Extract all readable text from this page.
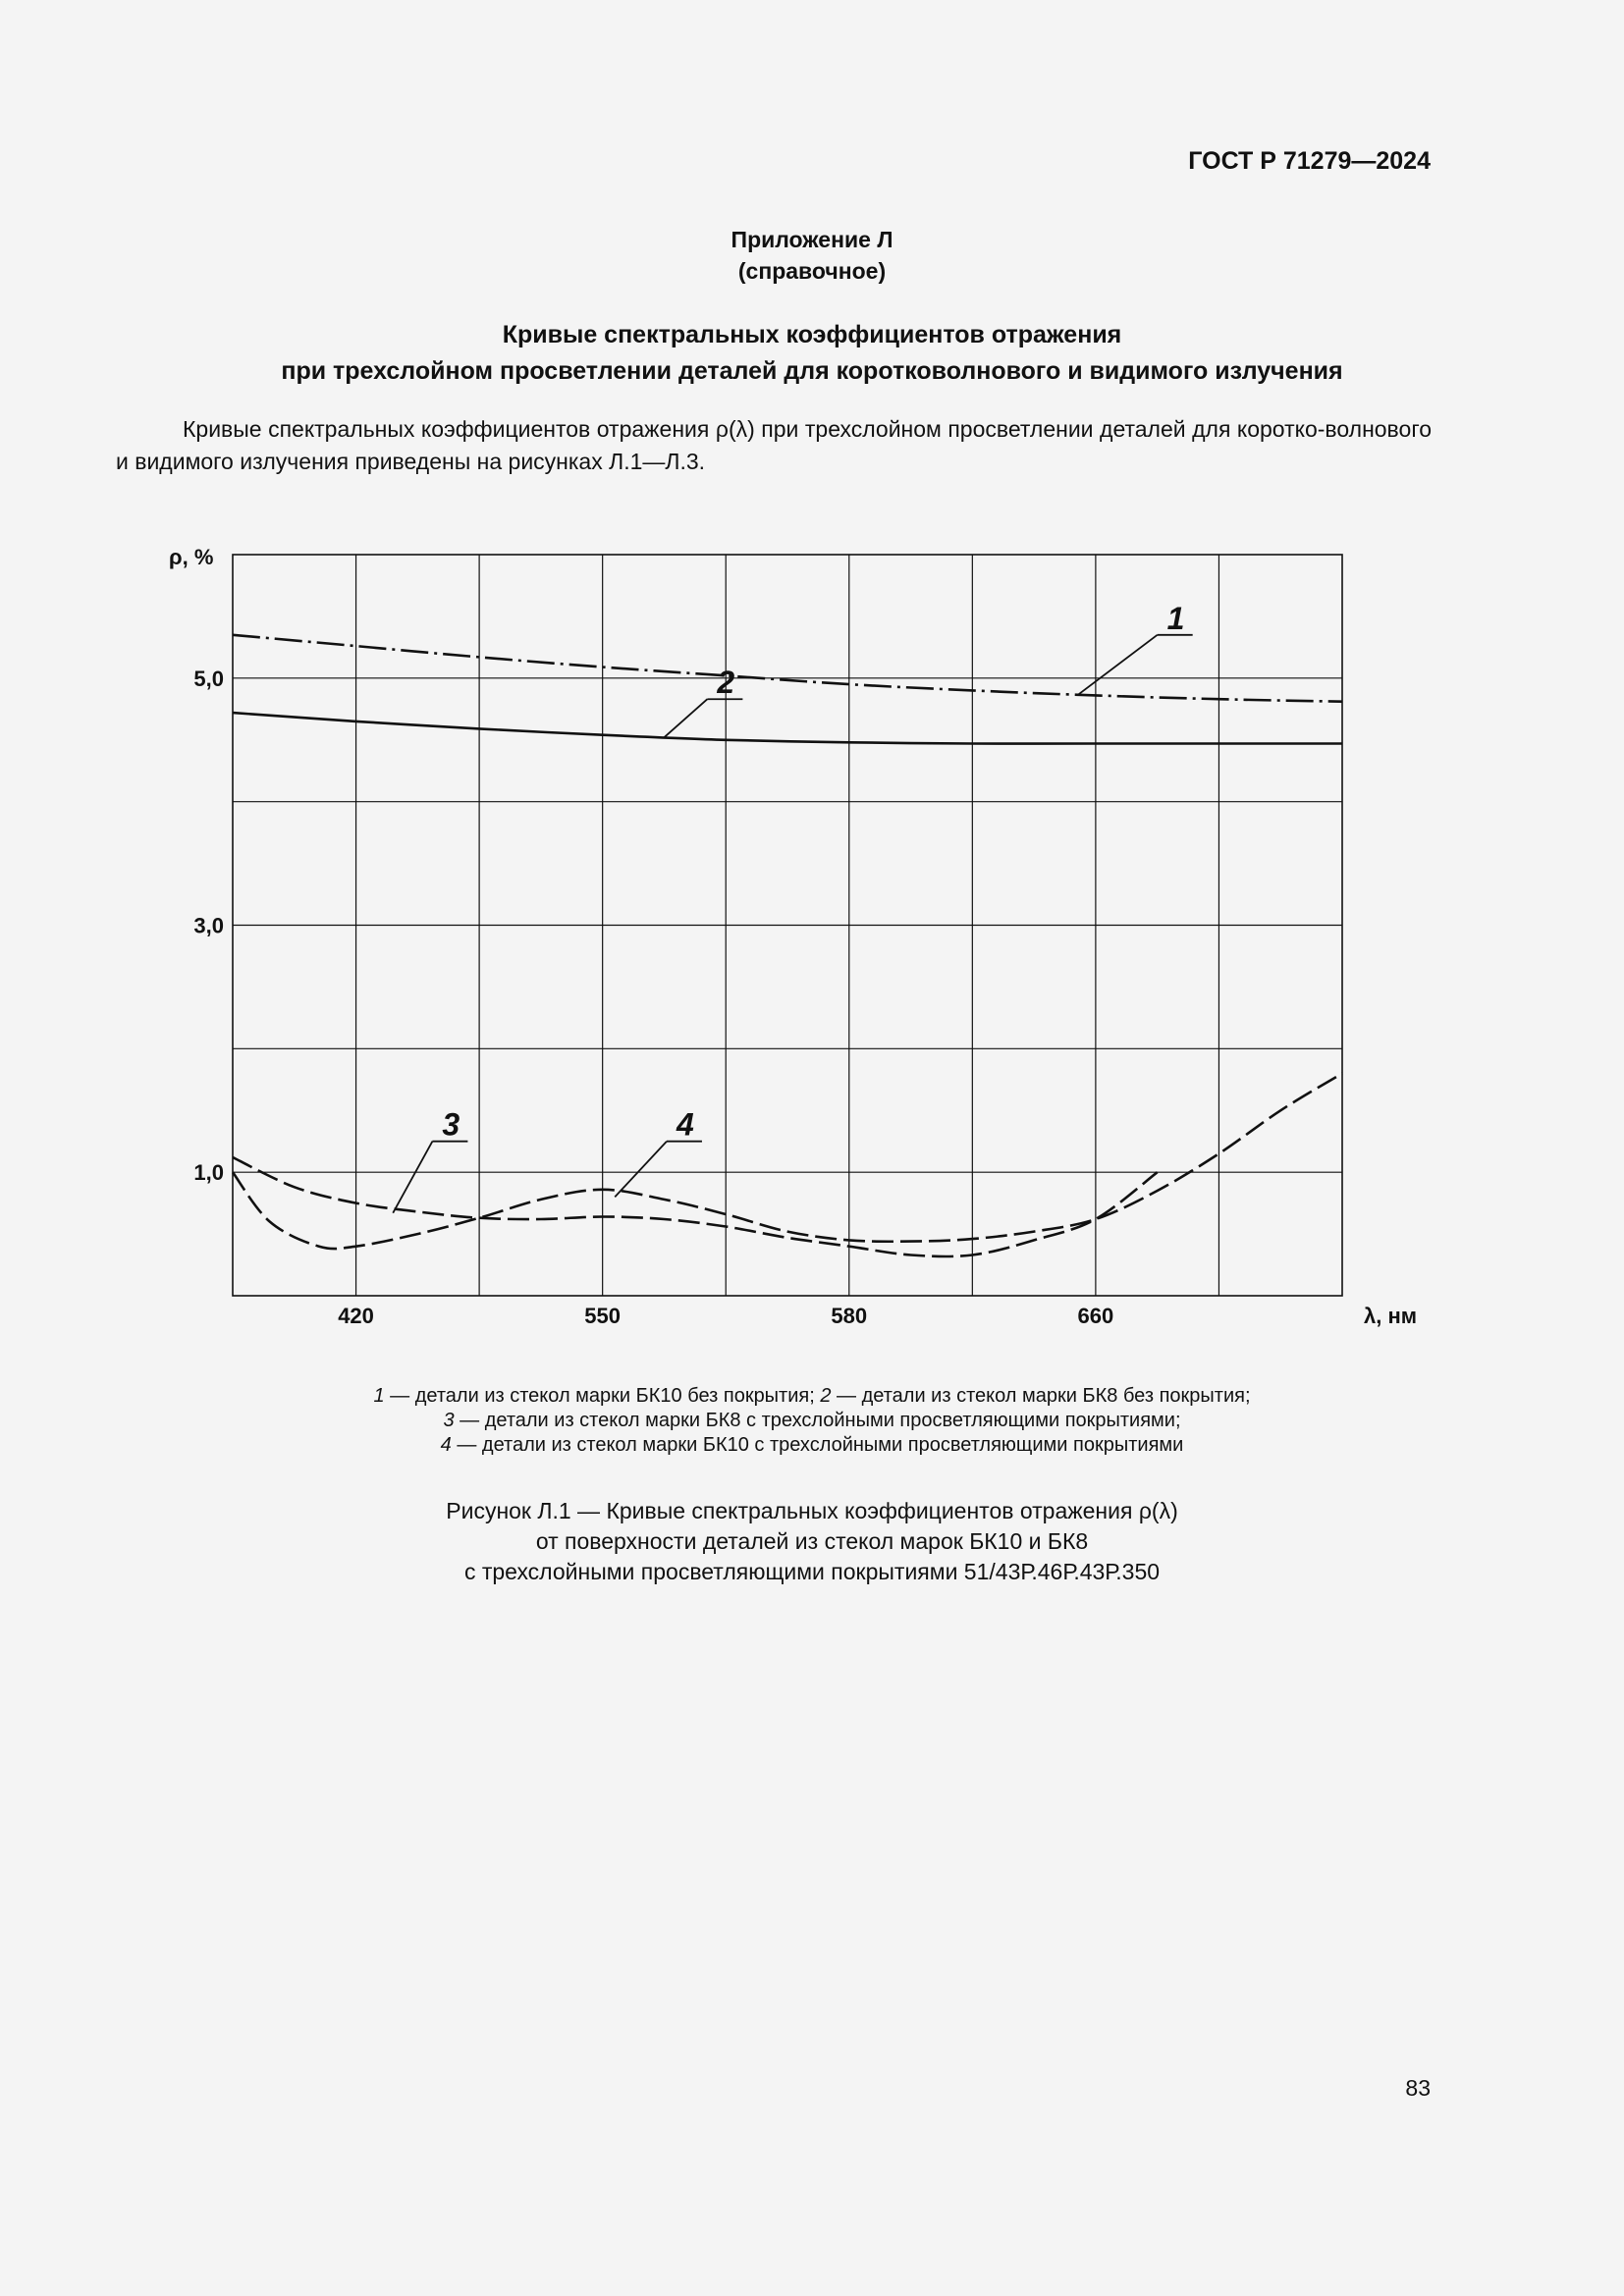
ГОСТ Р 71279—2024
Приложение Л
(справочное)
Кривые спектральных коэффициентов отражения
при трехслойном просветлении деталей для коротковолнового и видимого излучения
Кривые спектральных коэффициентов отражения ρ(λ) при трехслойном просветлении деталей для коротко-волнового и видимого излучения приведены на рисунках Л.1—Л.3.
ρ, %
λ, нм
5,0
3,0
1,0
420	550	580	660
1
2
3	4
1 — детали из стекол марки БК10 без покрытия; 2 — детали из стекол марки БК8 без покрытия;
3 — детали из стекол марки БК8 с трехслойными просветляющими покрытиями;
4 — детали из стекол марки БК10 с трехслойными просветляющими покрытиями
Рисунок Л.1 — Кривые спектральных коэффициентов отражения ρ(λ)
от поверхности деталей из стекол марок БК10 и БК8
с трехслойными просветляющими покрытиями 51/43Р.46Р.43Р.350
83
